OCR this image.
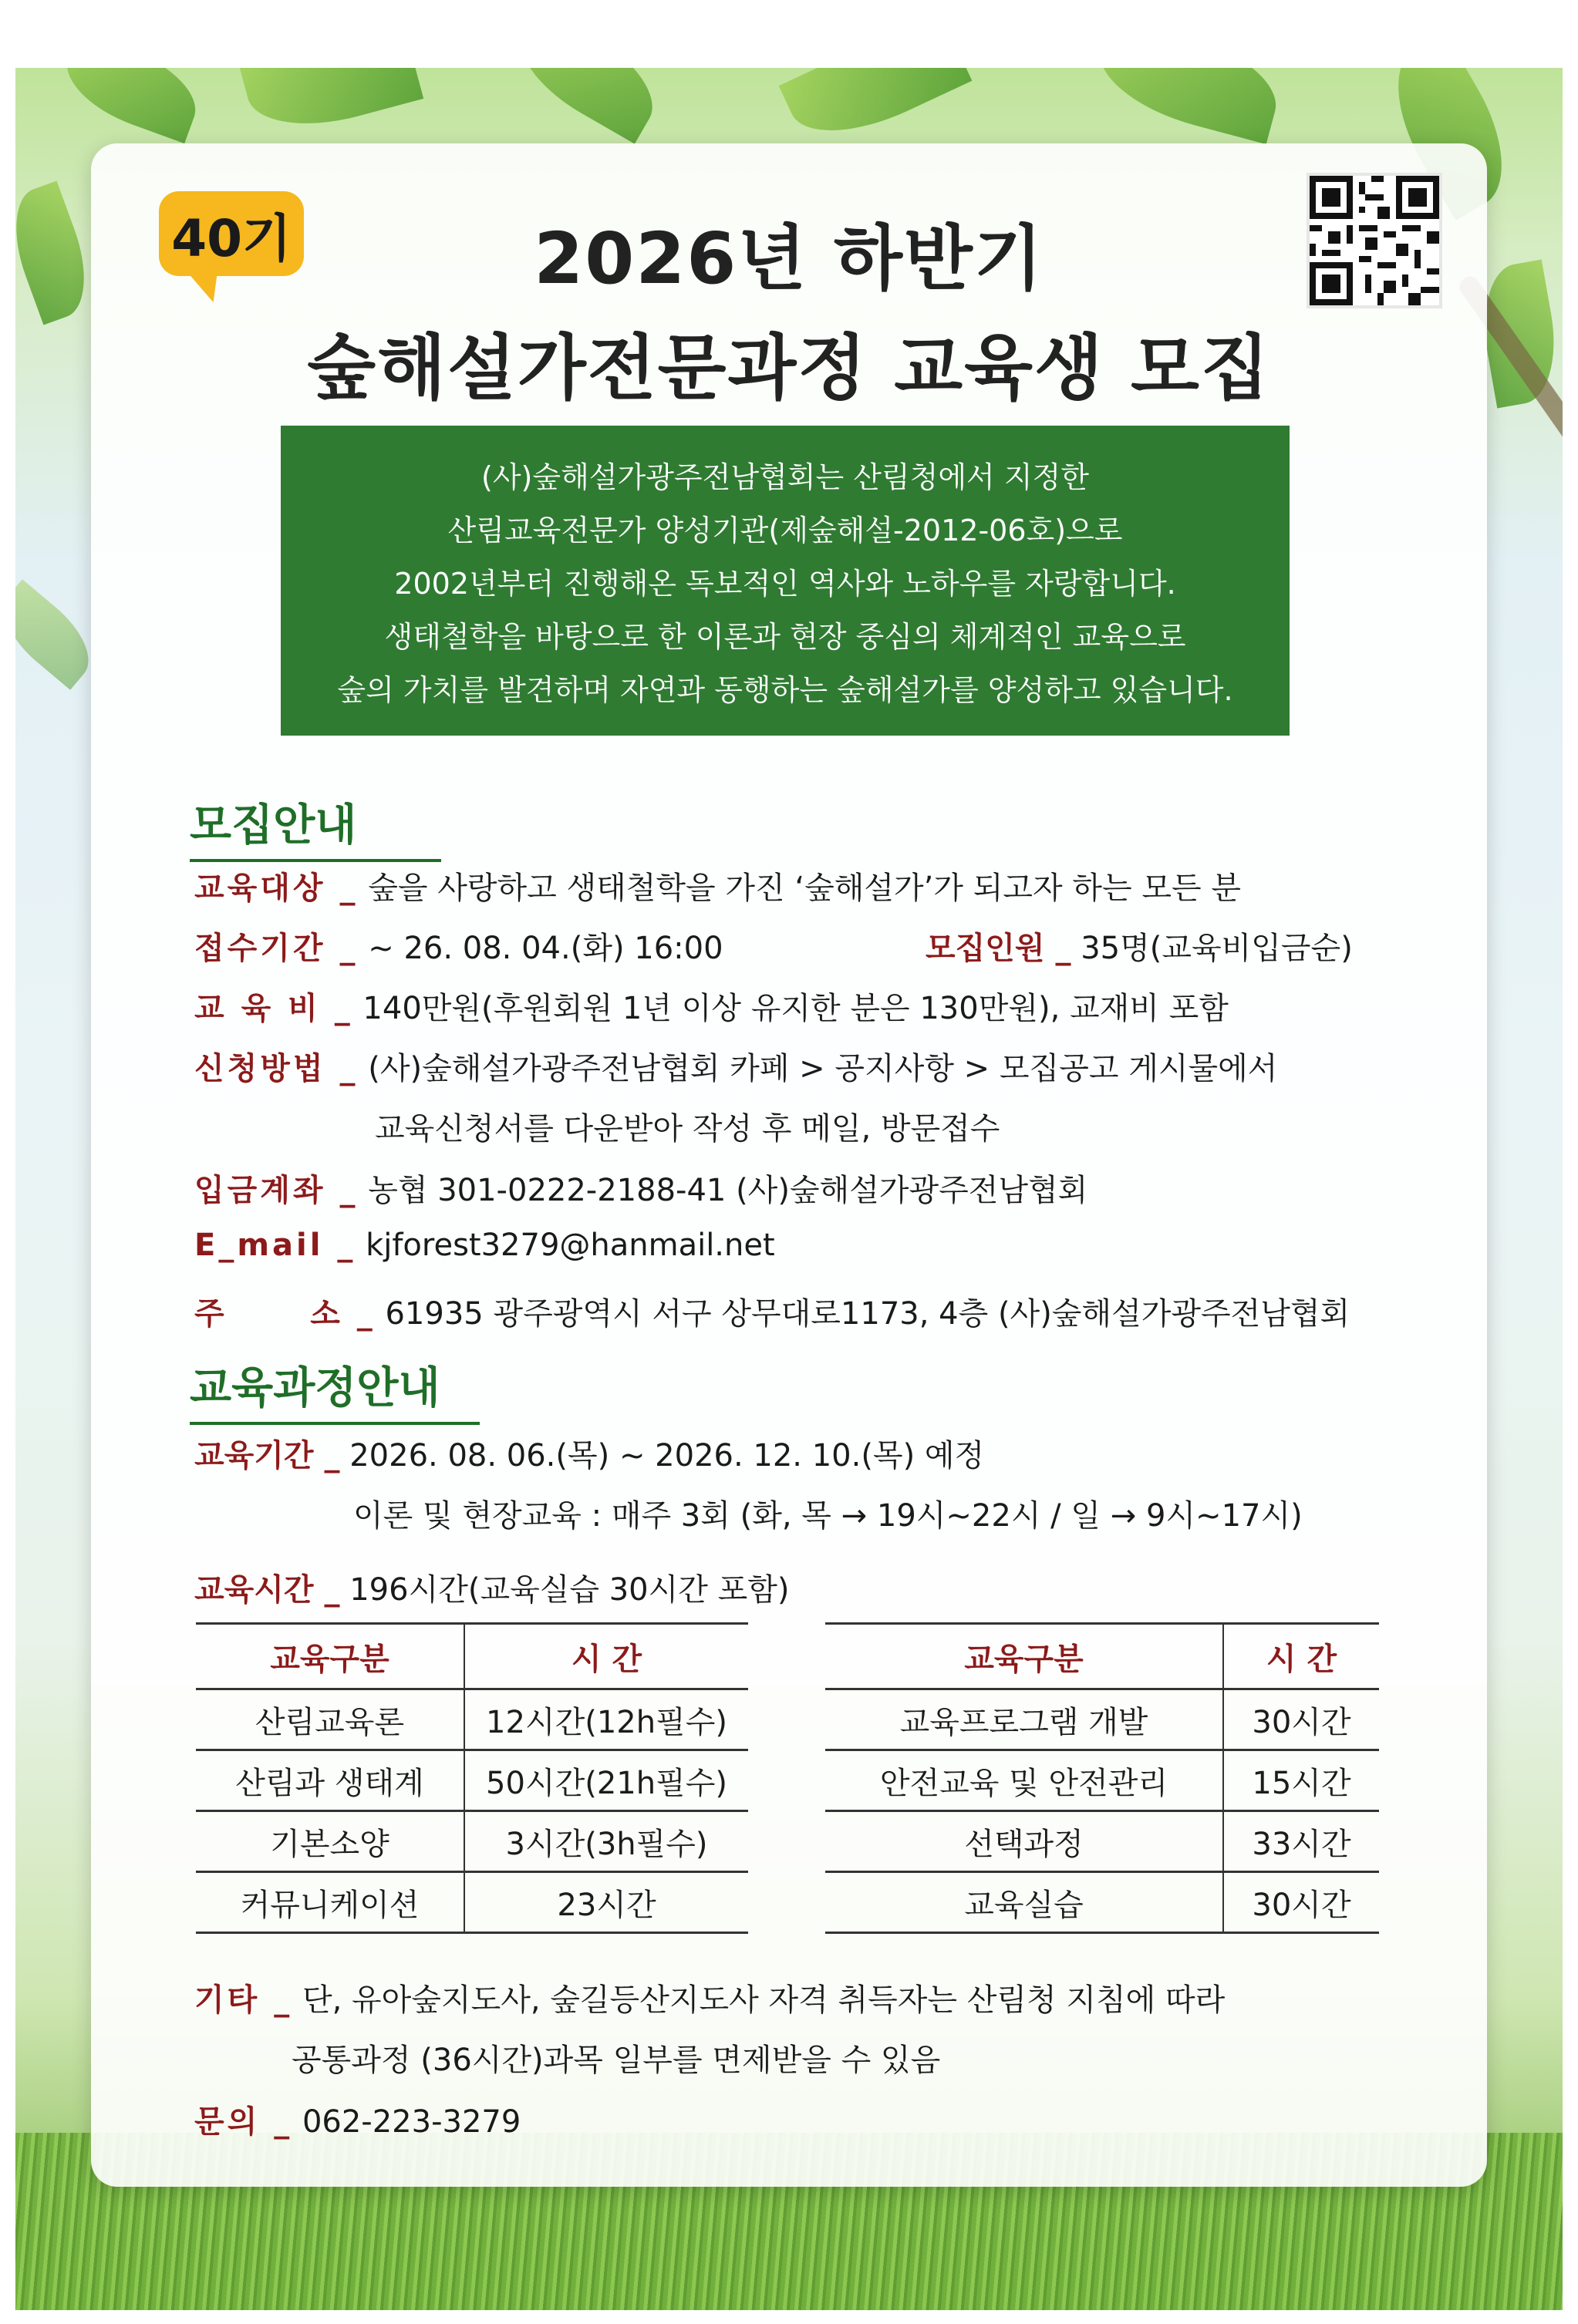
40기	2026년 하반기
숲해설가전문과정 교육생 모집
(사)숲해설가광주전남협회는 산림청에서 지정한
산림교육전문가 양성기관(제숲해설-2012-06호)으로
2002년부터 진행해온 독보적인 역사와 노하우를 자랑합니다.
생태철학을 바탕으로 한 이론과 현장 중심의 체계적인 교육으로
숲의 가치를 발견하며 자연과 동행하는 숲해설가를 양성하고 있습니다.
모집안내
교육대상 _ 숲을 사랑하고 생태철학을 가진 ‘숲해설가’가 되고자 하는 모든 분
접수기간 _ ~ 26. 08. 04.(화) 16:00	모집인원 _ 35명(교육비입금순)
교 육 비 _ 140만원(후원회원 1년 이상 유지한 분은 130만원), 교재비 포함
신청방법 _ (사)숲해설가광주전남협회 카페 > 공지사항 > 모집공고 게시물에서
교육신청서를 다운받아 작성 후 메일, 방문접수
입금계좌 _ 농협 301-0222-2188-41 (사)숲해설가광주전남협회
E_mail _ kjforest3279@hanmail.net
주      소 _ 61935 광주광역시 서구 상무대로1173, 4층 (사)숲해설가광주전남협회
교육과정안내
교육기간 _ 2026. 08. 06.(목) ~ 2026. 12. 10.(목) 예정
이론 및 현장교육 : 매주 3회 (화, 목 → 19시~22시 / 일 → 9시~17시)
교육시간 _ 196시간(교육실습 30시간 포함)
교육구분	시 간
산림교육론	12시간(12h필수)
산림과 생태계	50시간(21h필수)
기본소양	3시간(3h필수)
커뮤니케이션	23시간
교육구분	시 간
교육프로그램 개발	30시간
안전교육 및 안전관리	15시간
선택과정	33시간
교육실습	30시간
기타 _ 단, 유아숲지도사, 숲길등산지도사 자격 취득자는 산림청 지침에 따라
공통과정 (36시간)과목 일부를 면제받을 수 있음
문의 _ 062-223-3279
